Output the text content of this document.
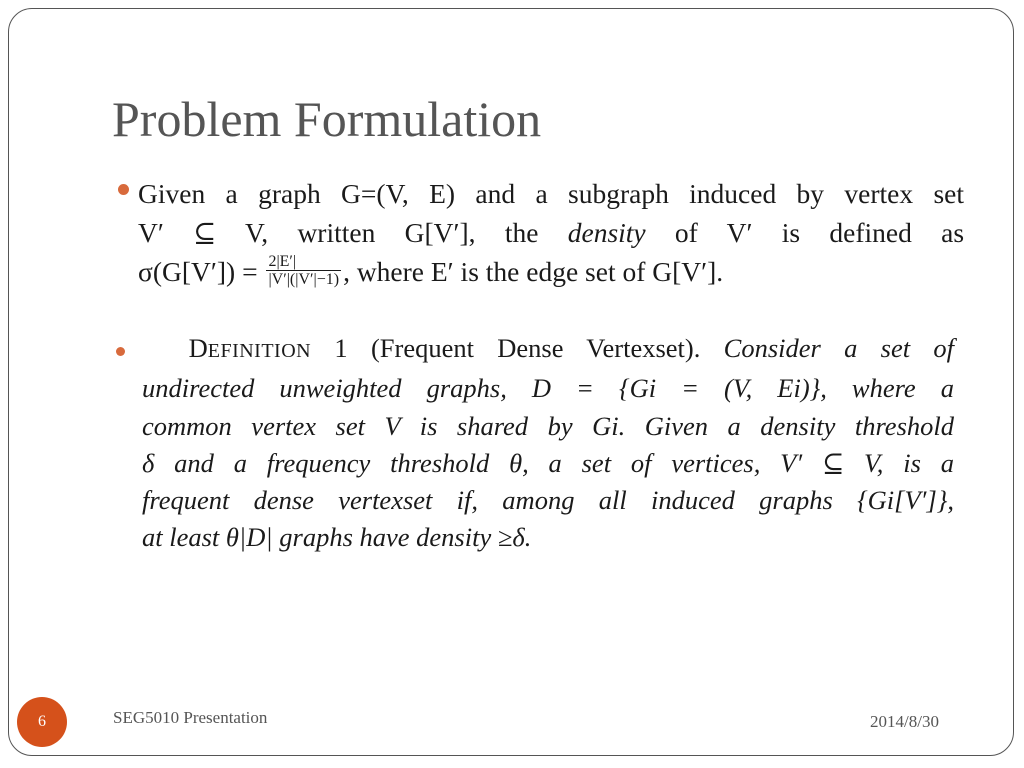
Problem Formulation
Given a graph G=(V, E) and a subgraph induced by vertex set
V′ ⊆ V, written G[V′], the density of V′ is defined as
$\sigma(G[V']) = \frac{2|E'|}{|V'|(|V'|-1)}$ , where E′ is the edge set of G[V′].
DEFINITION 1 (Frequent Dense Vertexset). Consider a set of
undirected unweighted graphs, D = {Gi = (V, Ei)}, where a
common vertex set V is shared by Gi. Given a density threshold
δ and a frequency threshold θ, a set of vertices, V′ ⊆ V, is a
frequent dense vertexset if, among all induced graphs {Gi[V′]},
at least θ|D| graphs have density ≥δ.
6	SEG5010 Presentation	2014/8/30
